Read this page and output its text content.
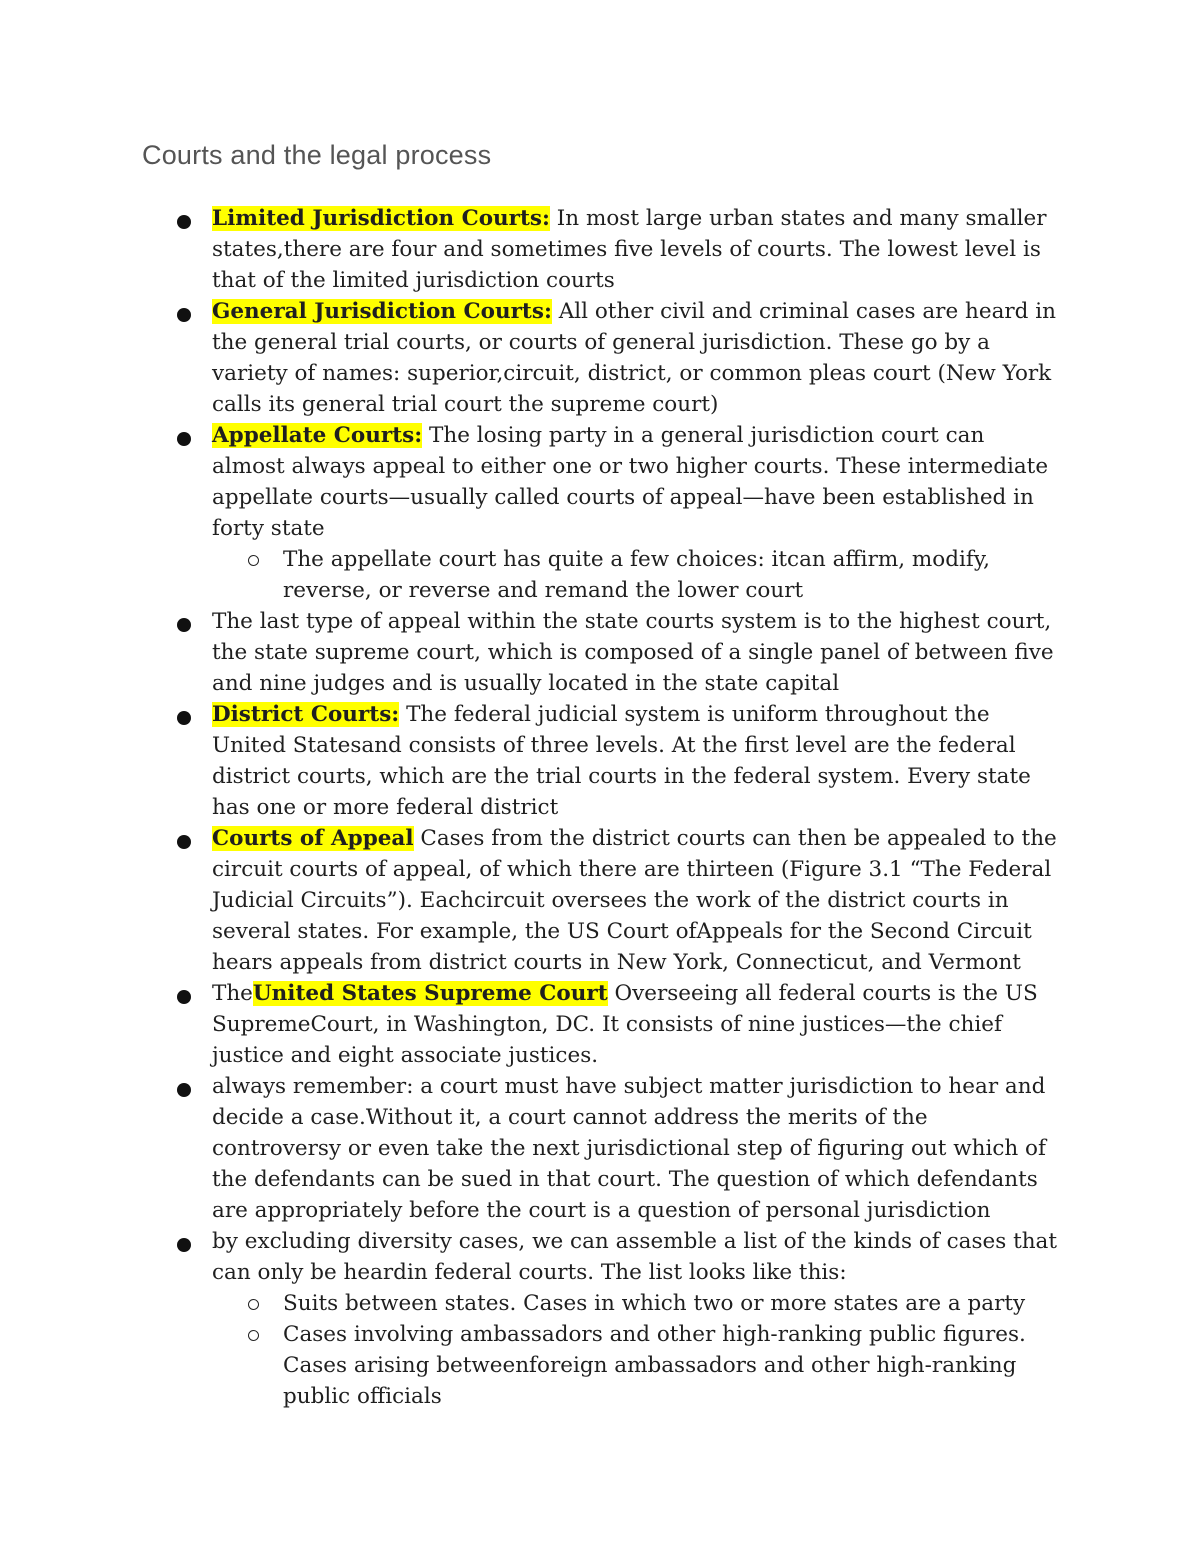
Courts and the legal process
Limited Jurisdiction Courts: In most large urban states and many smaller states,there are four and sometimes five levels of courts. The lowest level is that of the limited jurisdiction courts
General Jurisdiction Courts: All other civil and criminal cases are heard in the general trial courts, or courts of general jurisdiction. These go by a variety of names: superior,circuit, district, or common pleas court (New York calls its general trial court the supreme court)
Appellate Courts: The losing party in a general jurisdiction court can almost always appeal to either one or two higher courts. These intermediate appellate courts—usually called courts of appeal—have been established in forty state
The appellate court has quite a few choices: itcan affirm, modify, reverse, or reverse and remand the lower court
The last type of appeal within the state courts system is to the highest court, the state supreme court, which is composed of a single panel of between five and nine judges and is usually located in the state capital
District Courts: The federal judicial system is uniform throughout the United Statesand consists of three levels. At the first level are the federal district courts, which are the trial courts in the federal system. Every state has one or more federal district
Courts of Appeal Cases from the district courts can then be appealed to the circuit courts of appeal, of which there are thirteen (Figure 3.1 “The Federal Judicial Circuits”). Eachcircuit oversees the work of the district courts in several states. For example, the US Court ofAppeals for the Second Circuit hears appeals from district courts in New York, Connecticut, and Vermont
TheUnited States Supreme Court Overseeing all federal courts is the US SupremeCourt, in Washington, DC. It consists of nine justices—the chief justice and eight associate justices.
always remember: a court must have subject matter jurisdiction to hear and decide a case.Without it, a court cannot address the merits of the controversy or even take the next jurisdictional step of figuring out which of the defendants can be sued in that court. The question of which defendants are appropriately before the court is a question of personal jurisdiction
by excluding diversity cases, we can assemble a list of the kinds of cases that can only be heardin federal courts. The list looks like this:
Suits between states. Cases in which two or more states are a party
Cases involving ambassadors and other high-ranking public figures. Cases arising betweenforeign ambassadors and other high-ranking public officials
